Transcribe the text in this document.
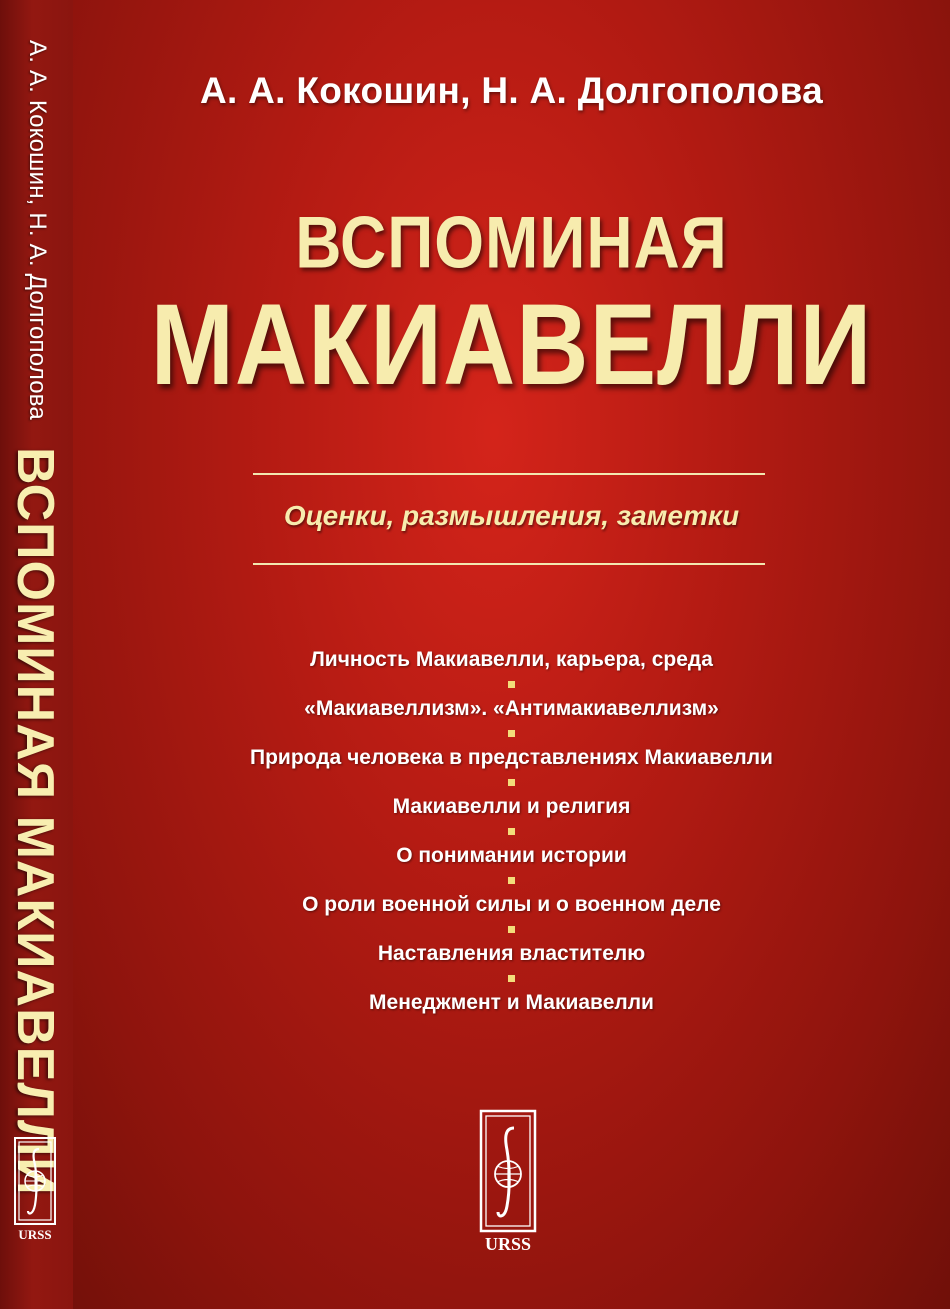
А. А. Кокошин, Н. А. Долгополова
ВСПОМИНАЯ МАКИАВЕЛЛИ
URSS
А. А. Кокошин, Н. А. Долгополова
ВСПОМИНАЯ
МАКИАВЕЛЛИ
Оценки, размышления, заметки
Личность Макиавелли, карьера, среда
«Макиавеллизм». «Антимакиавеллизм»
Природа человека в представлениях Макиавелли
Макиавелли и религия
О понимании истории
О роли военной силы и о военном деле
Наставления властителю
Менеджмент и Макиавелли
URSS
